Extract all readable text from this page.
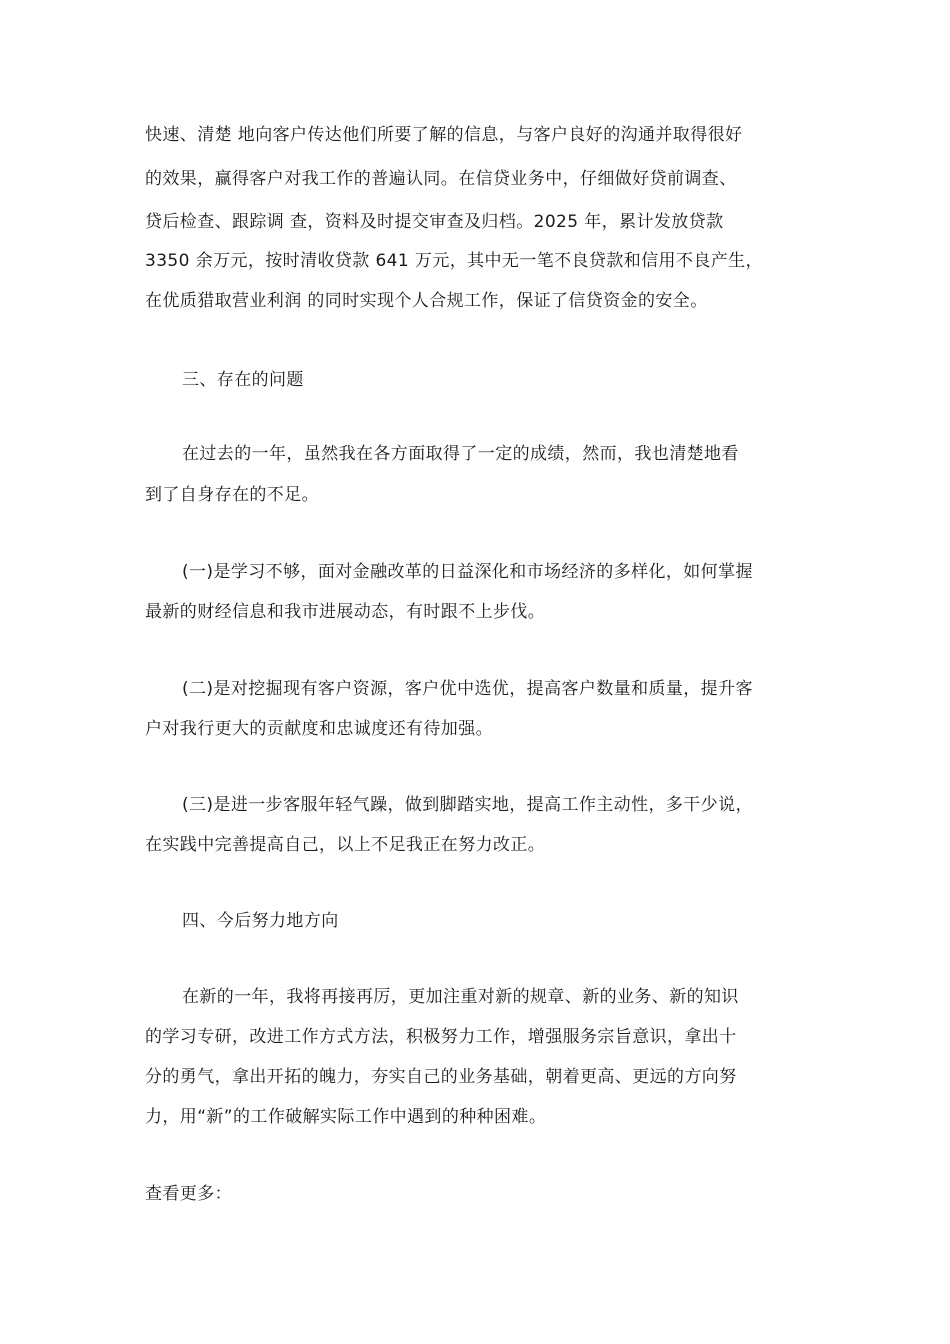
快速、清楚 地向客户传达他们所要了解的信息，与客户良好的沟通并取得很好
的效果，赢得客户对我工作的普遍认同。在信贷业务中，仔细做好贷前调查、
贷后检查、跟踪调 查，资料及时提交审查及归档。2025 年，累计发放贷款
3350 余万元，按时清收贷款 641 万元，其中无一笔不良贷款和信用不良产生，
在优质猎取营业利润 的同时实现个人合规工作，保证了信贷资金的安全。
三、存在的问题
在过去的一年，虽然我在各方面取得了一定的成绩，然而，我也清楚地看
到了自身存在的不足。
(一)是学习不够，面对金融改革的日益深化和市场经济的多样化，如何掌握
最新的财经信息和我市进展动态，有时跟不上步伐。
(二)是对挖掘现有客户资源，客户优中选优，提高客户数量和质量，提升客
户对我行更大的贡献度和忠诚度还有待加强。
(三)是进一步客服年轻气躁，做到脚踏实地，提高工作主动性，多干少说，
在实践中完善提高自己，以上不足我正在努力改正。
四、今后努力地方向
在新的一年，我将再接再厉，更加注重对新的规章、新的业务、新的知识
的学习专研，改进工作方式方法，积极努力工作，增强服务宗旨意识，拿出十
分的勇气，拿出开拓的魄力，夯实自己的业务基础，朝着更高、更远的方向努
力，用“新”的工作破解实际工作中遇到的种种困难。
查看更多：
